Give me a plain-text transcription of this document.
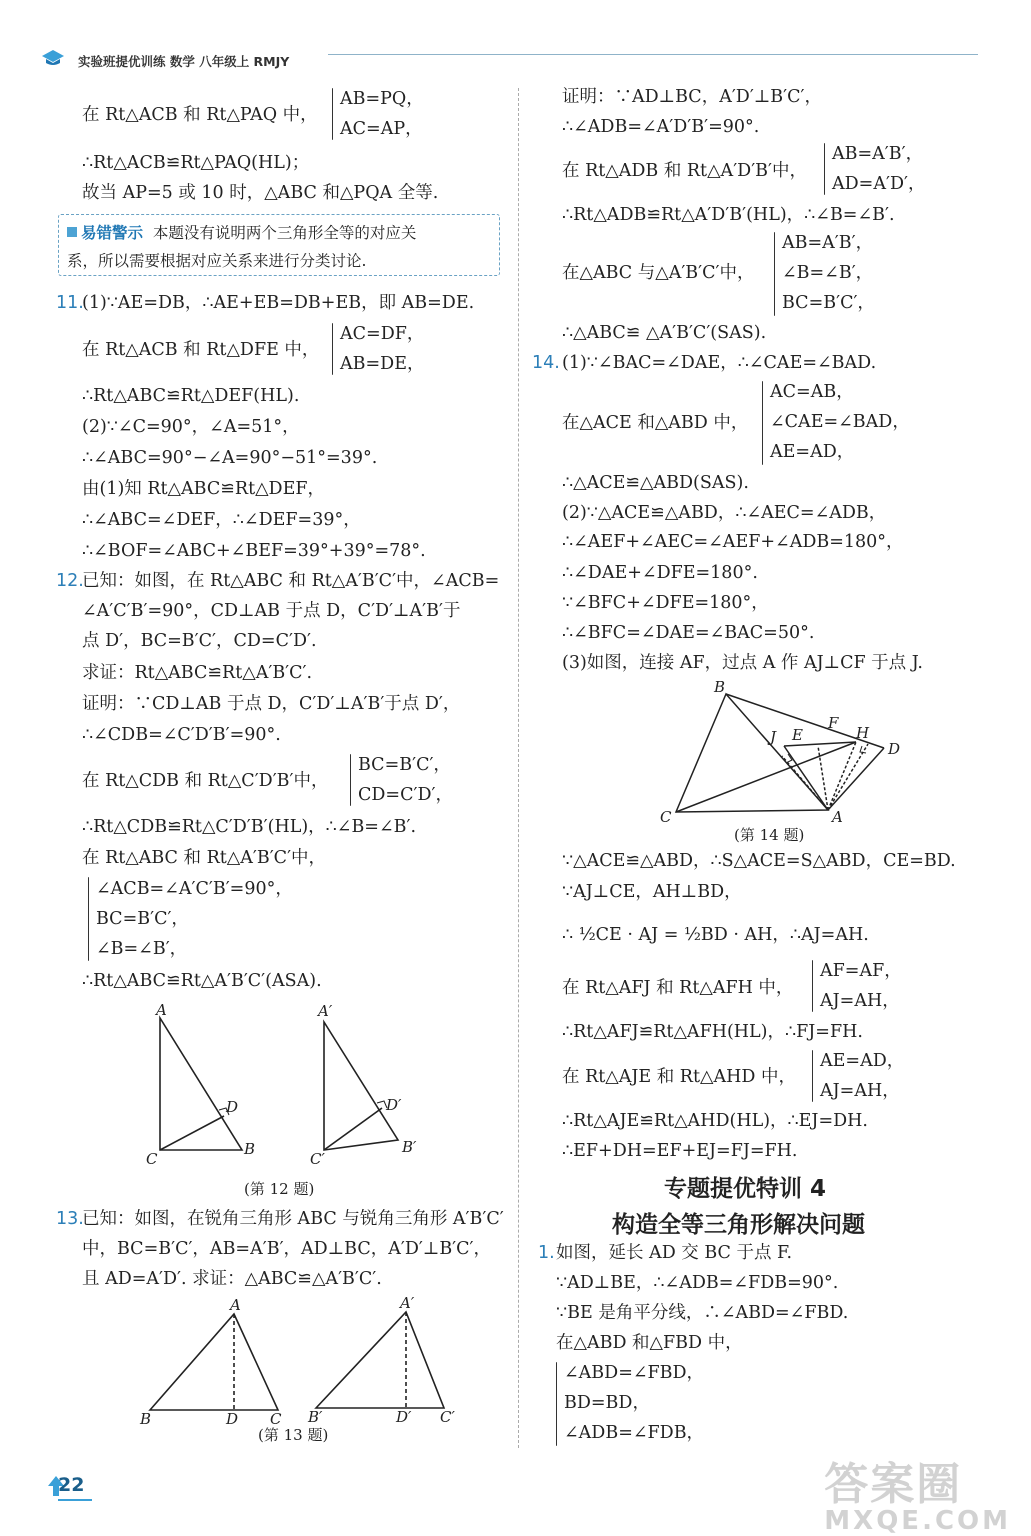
实验班提优训练 数学 八年级上 RMJY
在 Rt△ACB 和 Rt△PAQ 中，
AB=PQ，
AC=AP，
∴Rt△ACB≌Rt△PAQ(HL)；
故当 AP=5 或 10 时，△ABC 和△PQA 全等.
易错警示 本题没有说明两个三角形全等的对应关
系，所以需要根据对应关系来进行分类讨论.
11.
(1)∵AE=DB，∴AE+EB=DB+EB，即 AB=DE.
在 Rt△ACB 和 Rt△DFE 中，
AC=DF，
AB=DE，
∴Rt△ABC≌Rt△DEF(HL).
(2)∵∠C=90°，∠A=51°，
∴∠ABC=90°−∠A=90°−51°=39°.
由(1)知 Rt△ABC≌Rt△DEF，
∴∠ABC=∠DEF，∴∠DEF=39°，
∴∠BOF=∠ABC+∠BEF=39°+39°=78°.
12.
已知：如图，在 Rt△ABC 和 Rt△A′B′C′中，∠ACB=
∠A′C′B′=90°，CD⊥AB 于点 D，C′D′⊥A′B′于
点 D′，BC=B′C′，CD=C′D′.
求证：Rt△ABC≌Rt△A′B′C′.
证明：∵CD⊥AB 于点 D，C′D′⊥A′B′于点 D′，
∴∠CDB=∠C′D′B′=90°.
在 Rt△CDB 和 Rt△C′D′B′中，
BC=B′C′，
CD=C′D′，
∴Rt△CDB≌Rt△C′D′B′(HL)，∴∠B=∠B′.
在 Rt△ABC 和 Rt△A′B′C′中，
∠ACB=∠A′C′B′=90°，
BC=B′C′，
∠B=∠B′，
∴Rt△ABC≌Rt△A′B′C′(ASA).
A
D
C
B
A′
D′
C′
B′
(第 12 题)
13.
已知：如图，在锐角三角形 ABC 与锐角三角形 A′B′C′
中，BC=B′C′，AB=A′B′，AD⊥BC，A′D′⊥B′C′，
且 AD=A′D′. 求证：△ABC≌△A′B′C′.
A
B	D C
A′
B′	D′ C′
(第 13 题)
证明：∵AD⊥BC，A′D′⊥B′C′，
∴∠ADB=∠A′D′B′=90°.
在 Rt△ADB 和 Rt△A′D′B′中，
AB=A′B′，
AD=A′D′，
∴Rt△ADB≌Rt△A′D′B′(HL)，∴∠B=∠B′.
在△ABC 与△A′B′C′中，
AB=A′B′，
∠B=∠B′，
BC=B′C′，
∴△ABC≌ △A′B′C′(SAS).
14. (1)∵∠BAC=∠DAE，∴∠CAE=∠BAD.
在△ACE 和△ABD 中，
AC=AB，
∠CAE=∠BAD，
AE=AD，
∴△ACE≌△ABD(SAS).
(2)∵△ACE≌△ABD，∴∠AEC=∠ADB，
∴∠AEF+∠AEC=∠AEF+∠ADB=180°，
∴∠DAE+∠DFE=180°.
∵∠BFC+∠DFE=180°，
∴∠BFC=∠DAE=∠BAC=50°.
(3)如图，连接 AF，过点 A 作 AJ⊥CF 于点 J.
B
F
H
J E
D
C	A
(第 14 题)
∵△ACE≌△ABD，∴S△ACE=S△ABD，CE=BD.
∵AJ⊥CE，AH⊥BD，
∴ ½CE · AJ = ½BD · AH，∴AJ=AH.
在 Rt△AFJ 和 Rt△AFH 中，
AF=AF，
AJ=AH，
∴Rt△AFJ≌Rt△AFH(HL)，∴FJ=FH.
在 Rt△AJE 和 Rt△AHD 中，
AE=AD，
AJ=AH，
∴Rt△AJE≌Rt△AHD(HL)，∴EJ=DH.
∴EF+DH=EF+EJ=FJ=FH.
专题提优特训 4
构造全等三角形解决问题
1. 如图，延长 AD 交 BC 于点 F.
∵AD⊥BE，∴∠ADB=∠FDB=90°.
∵BE 是角平分线，∴∠ABD=∠FBD.
在△ABD 和△FBD 中，
∠ABD=∠FBD，
BD=BD，
∠ADB=∠FDB，
22	答案圈
MXQE.COM
